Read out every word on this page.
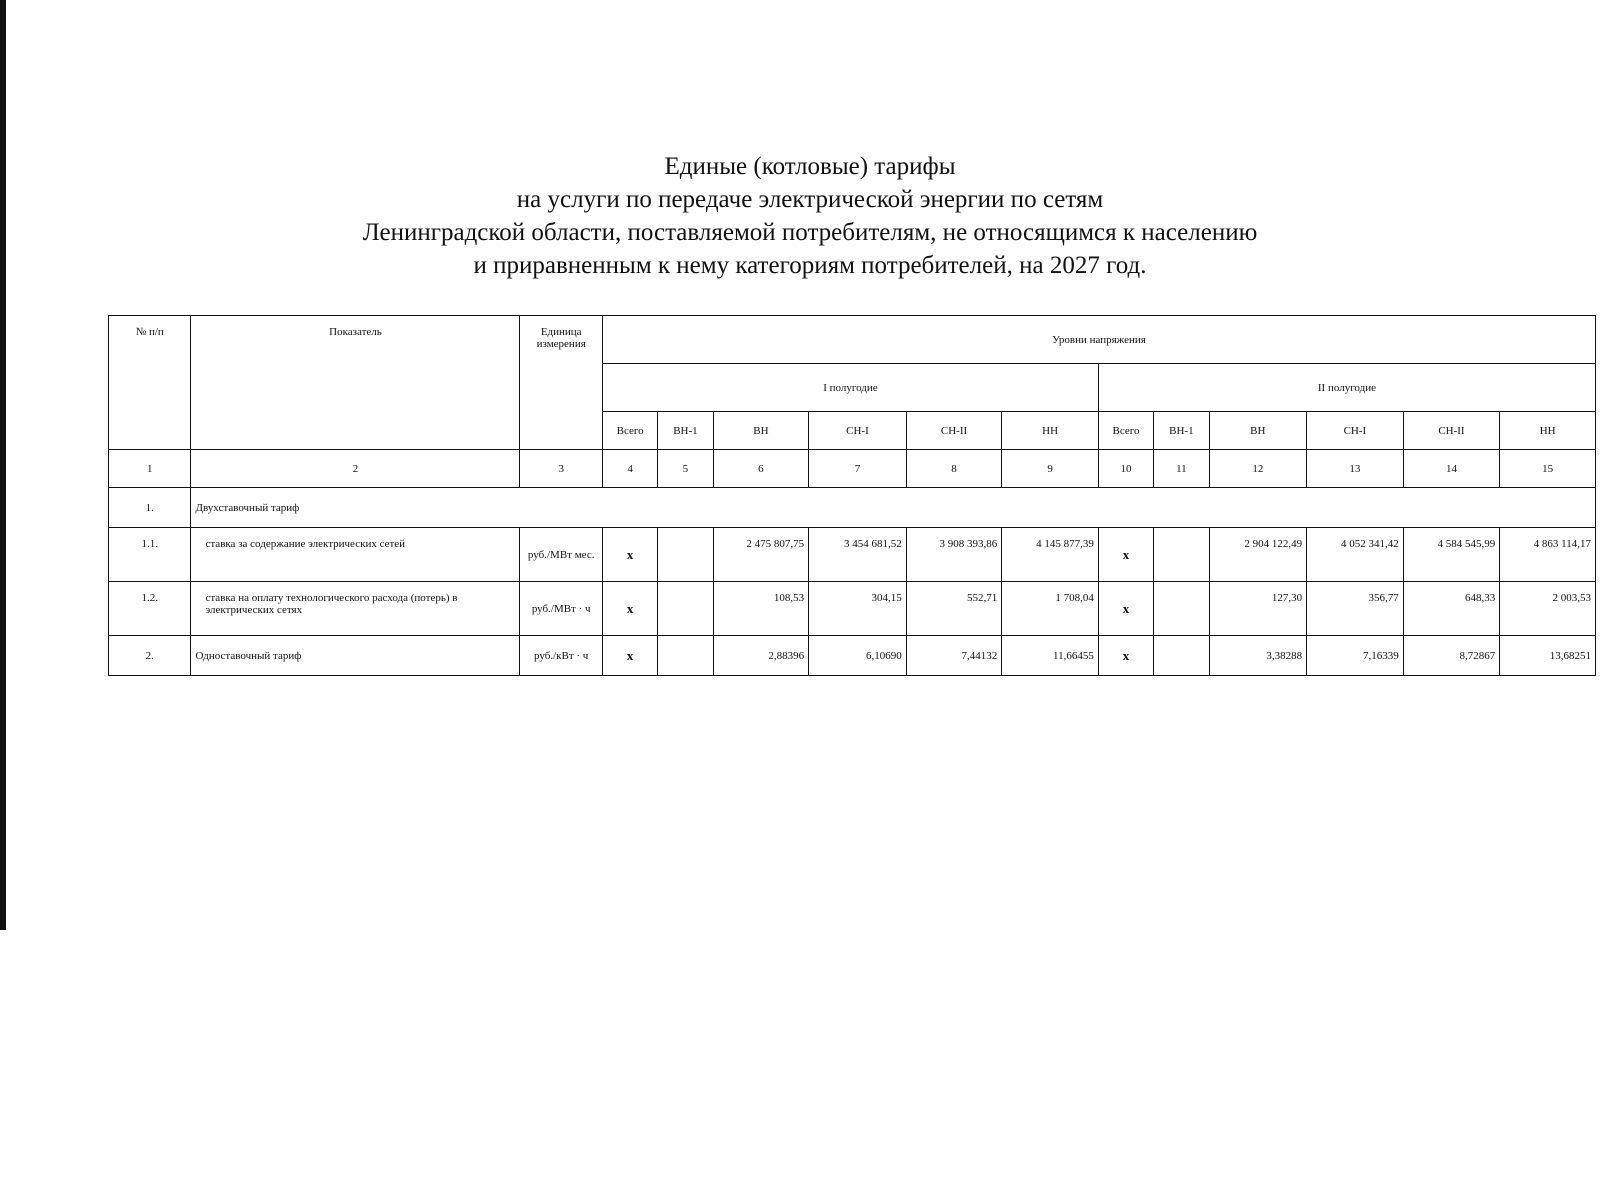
Единые (котловые) тарифы
на услуги по передаче электрической энергии по сетям
Ленинградской области, поставляемой потребителям, не относящимся к населению
и приравненным к нему категориям потребителей, на 2027 год.
№ п/п	Показатель	Единица измерения	Уровни напряжения											
			I полугодие						II полугодие					
			Всего	ВН-1	ВН	СН-I	СН-II	НН	Всего	ВН-1	ВН	СН-I	СН-II	НН
1	2	3	4	5	6	7	8	9	10	11	12	13	14	15
1.	Двухставочный тариф													
1.1.	ставка за содержание электрических сетей	руб./МВт мес.	х		2 475 807,75	3 454 681,52	3 908 393,86	4 145 877,39	х		2 904 122,49	4 052 341,42	4 584 545,99	4 863 114,17
1.2.	ставка на оплату технологического расхода (потерь) в электрических сетях	руб./МВт · ч	х		108,53	304,15	552,71	1 708,04	х		127,30	356,77	648,33	2 003,53
2.	Одноставочный тариф	руб./кВт · ч	х		2,88396	6,10690	7,44132	11,66455	х		3,38288	7,16339	8,72867	13,68251
